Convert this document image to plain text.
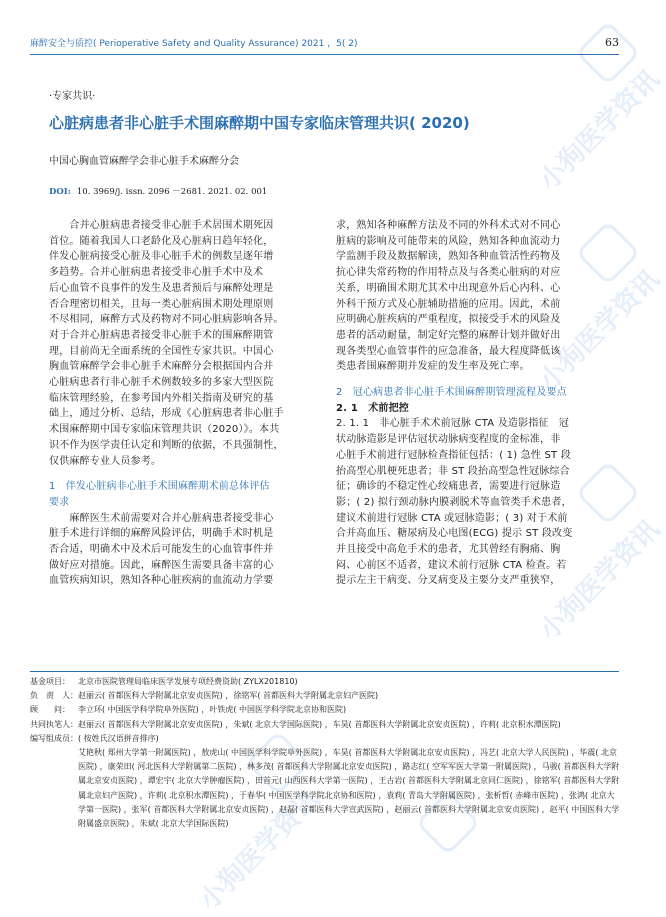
小狗医学资讯
小狗医学资讯
小狗医学资讯
小狗医学资讯
麻醉安全与质控( Perioperative Safety and Quality Assurance) 2021 ，5( 2)	63
·专家共识·
心脏病患者非心脏手术围麻醉期中国专家临床管理共识( 2020)
中国心胸血管麻醉学会非心脏手术麻醉分会
DOI: 10. 3969/j. issn. 2096 －2681. 2021. 02. 001
　　合并心脏病患者接受非心脏手术居围术期死因
首位。随着我国人口老龄化及心脏病日趋年轻化，
伴发心脏病接受心脏及非心脏手术的例数呈逐年增
多趋势。合并心脏病患者接受非心脏手术中及术
后心血管不良事件的发生及患者预后与麻醉处理是
否合理密切相关，且每一类心脏病围术期处理原则
不尽相同，麻醉方式及药物对不同心脏病影响各异。
对于合并心脏病患者接受非心脏手术的围麻醉期管
理，目前尚无全面系统的全国性专家共识。中国心
胸血管麻醉学会非心脏手术麻醉分会根据国内合并
心脏病患者行非心脏手术例数较多的多家大型医院
临床管理经验，在参考国内外相关指南及研究的基
础上，通过分析、总结，形成《心脏病患者非心脏手
术围麻醉期中国专家临床管理共识（2020）》。本共
识不作为医学责任认定和判断的依据，不具强制性，
仅供麻醉专业人员参考。
1　伴发心脏病非心脏手术围麻醉期术前总体评估
要求
　　麻醉医生术前需要对合并心脏病患者接受非心
脏手术进行详细的麻醉风险评估，明确手术时机是
否合适，明确术中及术后可能发生的心血管事件并
做好应对措施。因此，麻醉医生需要具备丰富的心
血管疾病知识，熟知各种心脏疾病的血流动力学要
求，熟知各种麻醉方法及不同的外科术式对不同心
脏病的影响及可能带来的风险，熟知各种血流动力
学监测手段及数据解读，熟知各种血管活性药物及
抗心律失常药物的作用特点及与各类心脏病的对应
关系，明确围术期尤其术中出现意外后心内科、心
外科干预方式及心脏辅助措施的应用。因此，术前
应明确心脏疾病的严重程度，拟接受手术的风险及
患者的活动耐量，制定好完整的麻醉计划并做好出
现各类型心血管事件的应急准备，最大程度降低该
类患者围麻醉期并发症的发生率及死亡率。
2　冠心病患者非心脏手术围麻醉期管理流程及要点
2. 1　术前把控
2. 1. 1　非心脏手术术前冠脉 CTA 及造影指征　冠
状动脉造影是评估冠状动脉病变程度的金标准，非
心脏手术前进行冠脉检查指征包括：( 1) 急性 ST 段
抬高型心肌梗死患者；非 ST 段抬高型急性冠脉综合
征；确诊的不稳定性心绞痛患者，需要进行冠脉造
影；( 2) 拟行颈动脉内膜剥脱术等血管类手术患者，
建议术前进行冠脉 CTA 或冠脉造影；( 3) 对于术前
合并高血压、糖尿病及心电图(ECG) 提示 ST 段改变
并且接受中高危手术的患者，尤其曾经有胸痛、胸
闷、心前区不适者，建议术前行冠脉 CTA 检查。若
提示左主干病变、分叉病变及主要分支严重狭窄，
基金项目：	北京市医院管理局临床医学发展专项经费资助( ZYLX201810)
负　责　人： 赵丽云( 首都医科大学附属北京安贞医院) ，徐铭军( 首都医科大学附属北京妇产医院)
顾　　问：	李立环( 中国医学科学院阜外医院) ，叶铁虎( 中国医学科学院北京协和医院)
共同执笔人： 赵丽云( 首都医科大学附属北京安贞医院) ，朱斌( 北京大学国际医院) ，车昊( 首都医科大学附属北京安贞医院) ，许莉( 北京积水潭医院)
编写组成员： ( 按姓氏汉语拼音排序)
艾艳秋( 郑州大学第一附属医院) ，敖虎山( 中国医学科学院阜外医院) ，车昊( 首都医科大学附属北京安贞医院) ，冯艺( 北京大学人民医院) ，华震( 北京医院) ，康荣田( 河北医科大学附属第二医院) ，林多茂( 首都医科大学附属北京安贞医院) ，路志红( 空军军医大学第一附属医院) ，马骏( 首都医科大学附属北京安贞医院) ，谭宏宇( 北京大学肿瘤医院) ，田首元( 山西医科大学第一医院) ，王古岩( 首都医科大学附属北京同仁医院) ，徐铭军( 首都医科大学附属北京妇产医院) ，许莉( 北京积水潭医院) ，于春华( 中国医学科学院北京协和医院) ，袁莉( 青岛大学附属医院) ，张析哲( 赤峰市医院) ，张鸿( 北京大学第一医院) ，张军( 首都医科大学附属北京安贞医院) ，赵磊( 首都医科大学宣武医院) ，赵丽云( 首都医科大学附属北京安贞医院) ，赵平( 中国医科大学附属盛京医院) ，朱斌( 北京大学国际医院)
